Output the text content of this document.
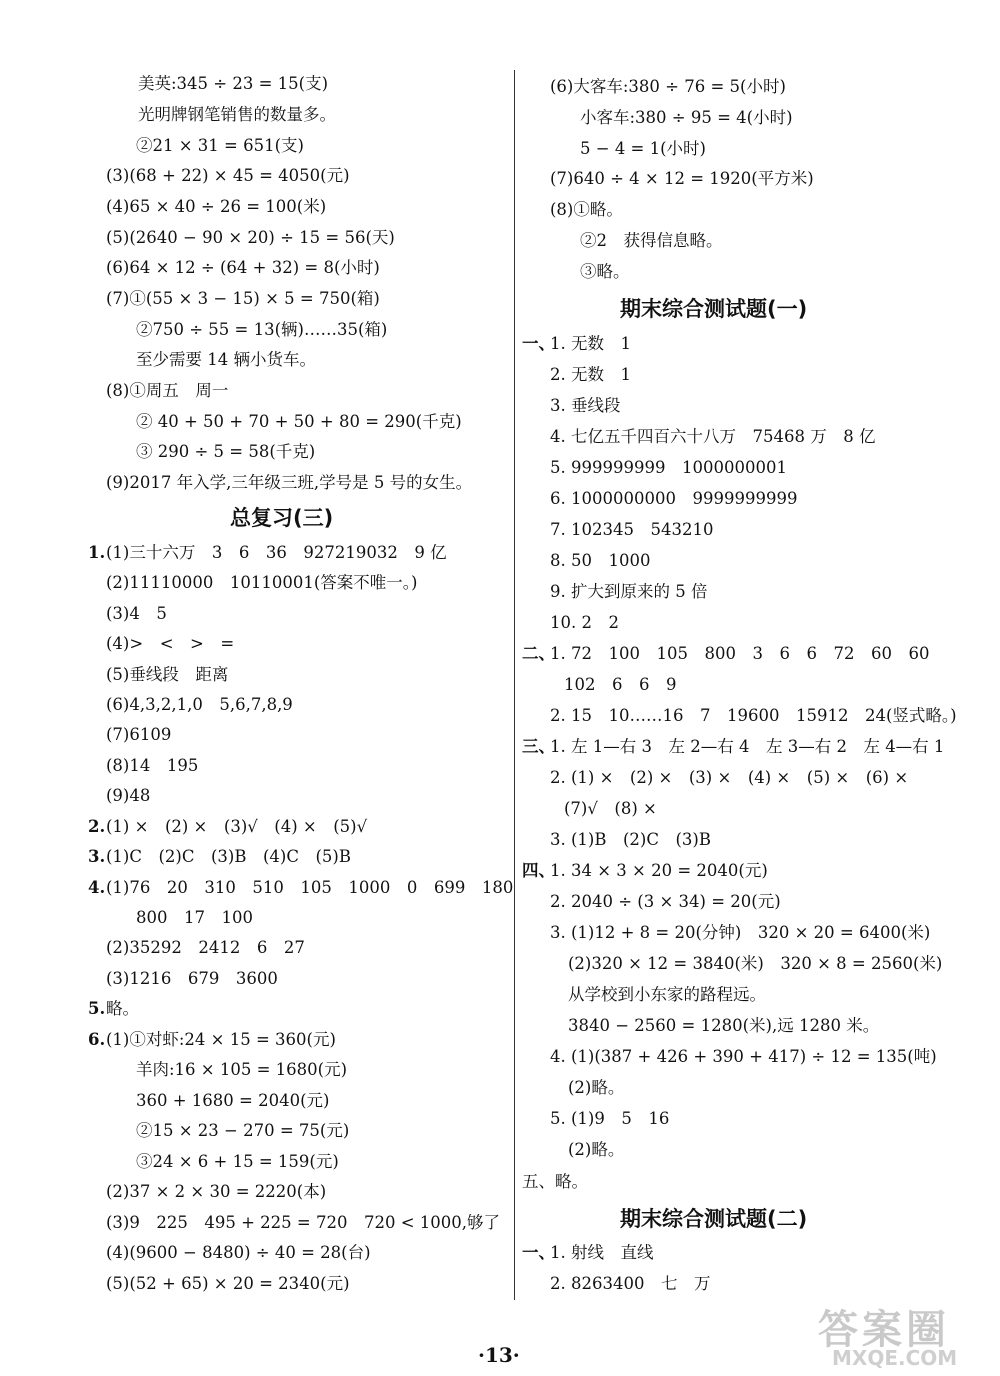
美英:345 ÷ 23 = 15(支)
光明牌钢笔销售的数量多。
②21 × 31 = 651(支)
(3)(68 + 22) × 45 = 4050(元)
(4)65 × 40 ÷ 26 = 100(米)
(5)(2640 − 90 × 20) ÷ 15 = 56(天)
(6)64 × 12 ÷ (64 + 32) = 8(小时)
(7)①(55 × 3 − 15) × 5 = 750(箱)
②750 ÷ 55 = 13(辆)……35(箱)
至少需要 14 辆小货车。
(8)①周五　周一
② 40 + 50 + 70 + 50 + 80 = 290(千克)
③ 290 ÷ 5 = 58(千克)
(9)2017 年入学,三年级三班,学号是 5 号的女生。
总复习(三)
1. (1)三十六万　3　6　36　927219032　9 亿
(2)11110000　10110001(答案不唯一。)
(3)4　5
(4)>　<　>　=
(5)垂线段　距离
(6)4,3,2,1,0　5,6,7,8,9
(7)6109
(8)14　195
(9)48
2. (1) ×　(2) ×　(3)√　(4) ×　(5)√
3. (1)C　(2)C　(3)B　(4)C　(5)B
4. (1)76　20　310　510　105　1000　0　699　180
800　17　100
(2)35292　2412　6　27
(3)1216　679　3600
5. 略。
6. (1)①对虾:24 × 15 = 360(元)
羊肉:16 × 105 = 1680(元)
360 + 1680 = 2040(元)
②15 × 23 − 270 = 75(元)
③24 × 6 + 15 = 159(元)
(2)37 × 2 × 30 = 2220(本)
(3)9　225　495 + 225 = 720　720 < 1000,够了
(4)(9600 − 8480) ÷ 40 = 28(台)
(5)(52 + 65) × 20 = 2340(元)
(6)大客车:380 ÷ 76 = 5(小时)
小客车:380 ÷ 95 = 4(小时)
5 − 4 = 1(小时)
(7)640 ÷ 4 × 12 = 1920(平方米)
(8)①略。
②2　获得信息略。
③略。
期末综合测试题(一)
一、
1. 无数　1
2. 无数　1
3. 垂线段
4. 七亿五千四百六十八万　75468 万　8 亿
5. 999999999　1000000001
6. 1000000000　9999999999
7. 102345　543210
8. 50　1000
9. 扩大到原来的 5 倍
10. 2　2
二、
1. 72　100　105　800　3　6　6　72　60　60
102　6　6　9
2. 15　10……16　7　19600　15912　24(竖式略。)
三、
1. 左 1—右 3　左 2—右 4　左 3—右 2　左 4—右 1
2. (1) ×　(2) ×　(3) ×　(4) ×　(5) ×　(6) ×
(7)√　(8) ×
3. (1)B　(2)C　(3)B
四、
1. 34 × 3 × 20 = 2040(元)
2. 2040 ÷ (3 × 34) = 20(元)
3. (1)12 + 8 = 20(分钟)　320 × 20 = 6400(米)
(2)320 × 12 = 3840(米)　320 × 8 = 2560(米)
从学校到小东家的路程远。
3840 − 2560 = 1280(米),远 1280 米。
4. (1)(387 + 426 + 390 + 417) ÷ 12 = 135(吨)
(2)略。
5. (1)9　5　16
(2)略。
五、略。
期末综合测试题(二)
一、
1. 射线　直线
2. 8263400　七　万
·13·
答案圈
MXQE.COM
